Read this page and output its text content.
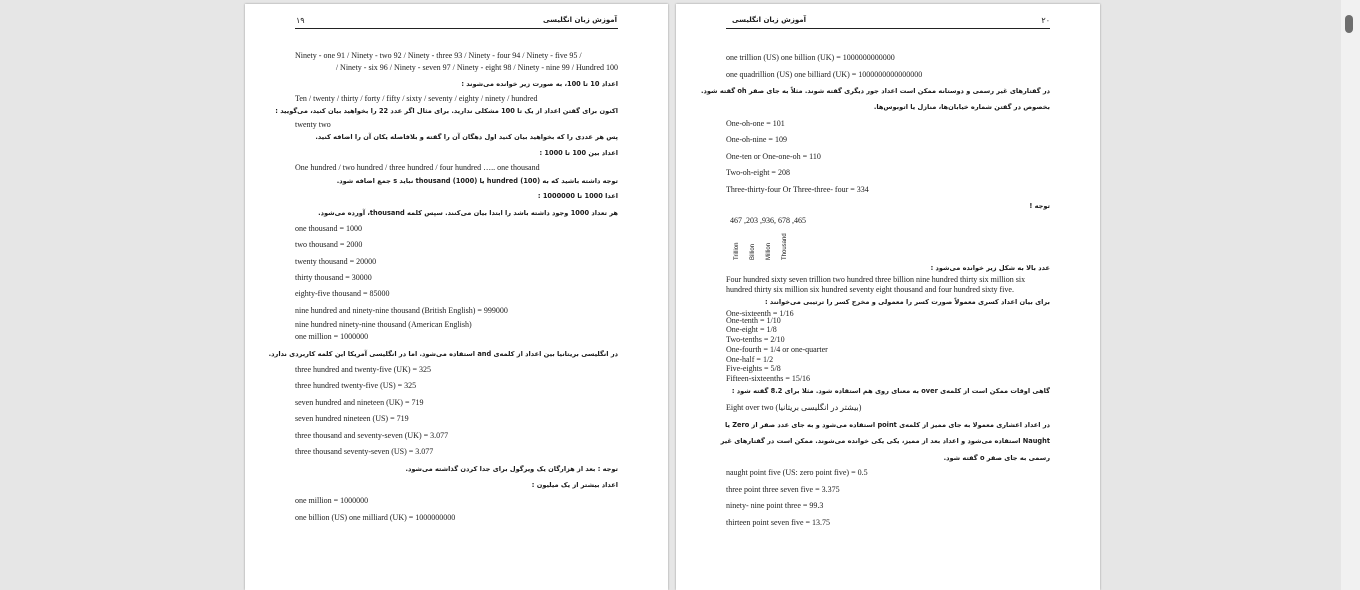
۱۹	آموزش زبان انگلیسی
Ninety - one 91 / Ninety - two 92 / Ninety - three 93 / Ninety - four 94 / Ninety - five 95 /
/ Ninety - six 96 / Ninety - seven 97 / Ninety - eight 98 / Ninety - nine 99 / Hundred 100
اعداد 10 تا 100، به صورت زیر خوانده می‌شوند :
Ten / twenty / thirty / forty / fifty / sixty / seventy / eighty / ninety / hundred
اکنون برای گفتن اعداد از یک تا 100 مشکلی ندارید. برای مثال اگر عدد 22 را بخواهید بیان کنید، می‌گویید :
twenty two
پس هر عددی را که بخواهید بیان کنید اول دهگان آن را گفته و بلافاصله یکان آن را اضافه کنید.
اعداد بین 100 تا 1000 :
One hundred / two hundred / three hundred / four hundred ….. one thousand
توجه داشته باشید که به (100) hundred یا (1000) thousand نباید s جمع اضافه شود.
اعدا 1000 تا 1000000 :
هر تعداد 1000 وجود داشته باشد را ابتدا بیان می‌کنند. سپس کلمه thousand، آورده می‌شود.
one thousand = 1000
two thousand = 2000
twenty thousand = 20000
thirty thousand = 30000
eighty-five thousand = 85000
nine hundred and ninety-nine thousand (British English) = 999000
nine hundred ninety-nine thousand (American English)
one million = 1000000
در انگلیسی بریتانیا بین اعداد از کلمه‌ی and استفاده می‌شود. اما در انگلیسی آمریکا این کلمه کاربردی ندارد.
three hundred and twenty-five (UK) = 325
three hundred twenty-five (US) = 325
seven hundred and nineteen (UK) = 719
seven hundred nineteen (US) = 719
three thousand and seventy-seven (UK) = 3.077
three thousand seventy-seven (US) = 3.077
توجه : بعد از هزارگان یک ویرگول برای جدا کردن گذاشته می‌شود.
اعداد بیشتر از یک میلیون :
one million = 1000000
one billion (US) one milliard (UK) = 1000000000
۲۰
آموزش زبان انگلیسی
one trillion (US) one billion (UK) = 1000000000000
one quadrillion (US) one billiard (UK) = 1000000000000000
در گفتارهای غیر رسمی و دوستانه ممکن است اعداد جور دیگری گفته شوند. مثلاً به جای صفر oh گفته شود.
بخصوص در گفتن شماره خیابان‌ها، منازل یا اتوبوس‌ها.
One-oh-one = 101
One-oh-nine = 109
One-ten or One-one-oh = 110
Two-oh-eight = 208
Three-thirty-four Or Three-three- four = 334
توجه !
467 ,203 ,936, 678 ,465
Trillion Billion Million Thousand
عدد بالا به شکل زیر خوانده می‌شود :
Four hundred sixty seven trillion two hundred three billion nine hundred thirty six million six
hundred thirty six million six hundred seventy eight thousand and four hundred sixty five.
برای بیان اعداد کسری معمولاً صورت کسر را معمولی و مخرج کسر را ترتیبی می‌خوانند :
One-sixteenth = 1/16
One-tenth = 1/10
One-eight = 1/8
Two-tenths = 2/10
One-fourth = 1/4 or one-quarter
One-half = 1/2
Five-eights = 5/8
Fifteen-sixteenths = 15/16
گاهی اوقات ممکن است از کلمه‌ی over به معنای روی هم استفاده شود. مثلا برای 8.2 گفته شود :
Eight over two (بیشتر در انگلیسی بریتانیا)
در اعداد اعشاری معمولا به جای ممیز از کلمه‌ی point استفاده می‌شود و به جای عدد صفر از Zero یا
Naught استفاده می‌شود و اعداد بعد از ممیز، یکی یکی خوانده می‌شوند. ممکن است در گفتارهای غیر
رسمی به جای صفر o گفته شود.
naught point five (US: zero point five) = 0.5
three point three seven five = 3.375
ninety- nine point three = 99.3
thirteen point seven five = 13.75
